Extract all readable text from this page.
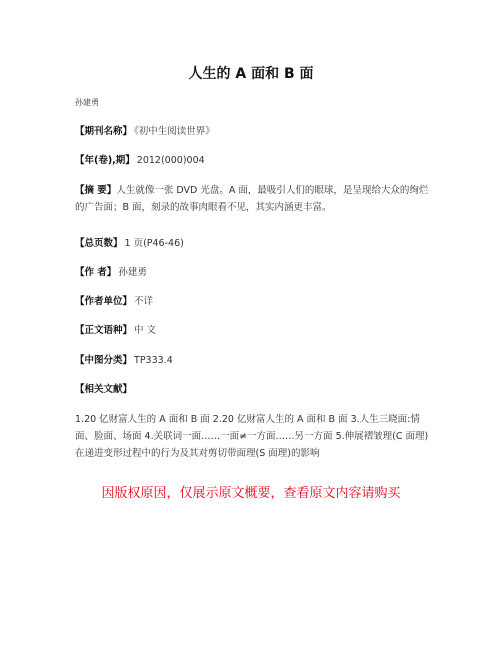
人生的 A 面和 B 面
孙建勇
【期刊名称】 《初中生阅读世界》
【年(卷),期】 2012(000)004
【摘 要】人生就像一张 DVD 光盘。A 面，最吸引人们的眼球，是呈现给大众的绚烂的广告面；B 面，刻录的故事肉眼看不见，其实内涵更丰富。
【总页数】 1 页(P46-46)
【作 者】 孙建勇
【作者单位】 不详
【正文语种】 中 文
【中图分类】 TP333.4
【相关文献】
1.20 亿财富人生的 A 面和 B 面 2.20 亿财富人生的 A 面和 B 面 3.人生三晓面:情面、脸面、场面 4.关联词一面……一面≠一方面……另一方面 5.伸展褶皱理(C 面理)在递进变形过程中的行为及其对剪切带面理(S 面理)的影响
因版权原因，仅展示原文概要，查看原文内容请购买
